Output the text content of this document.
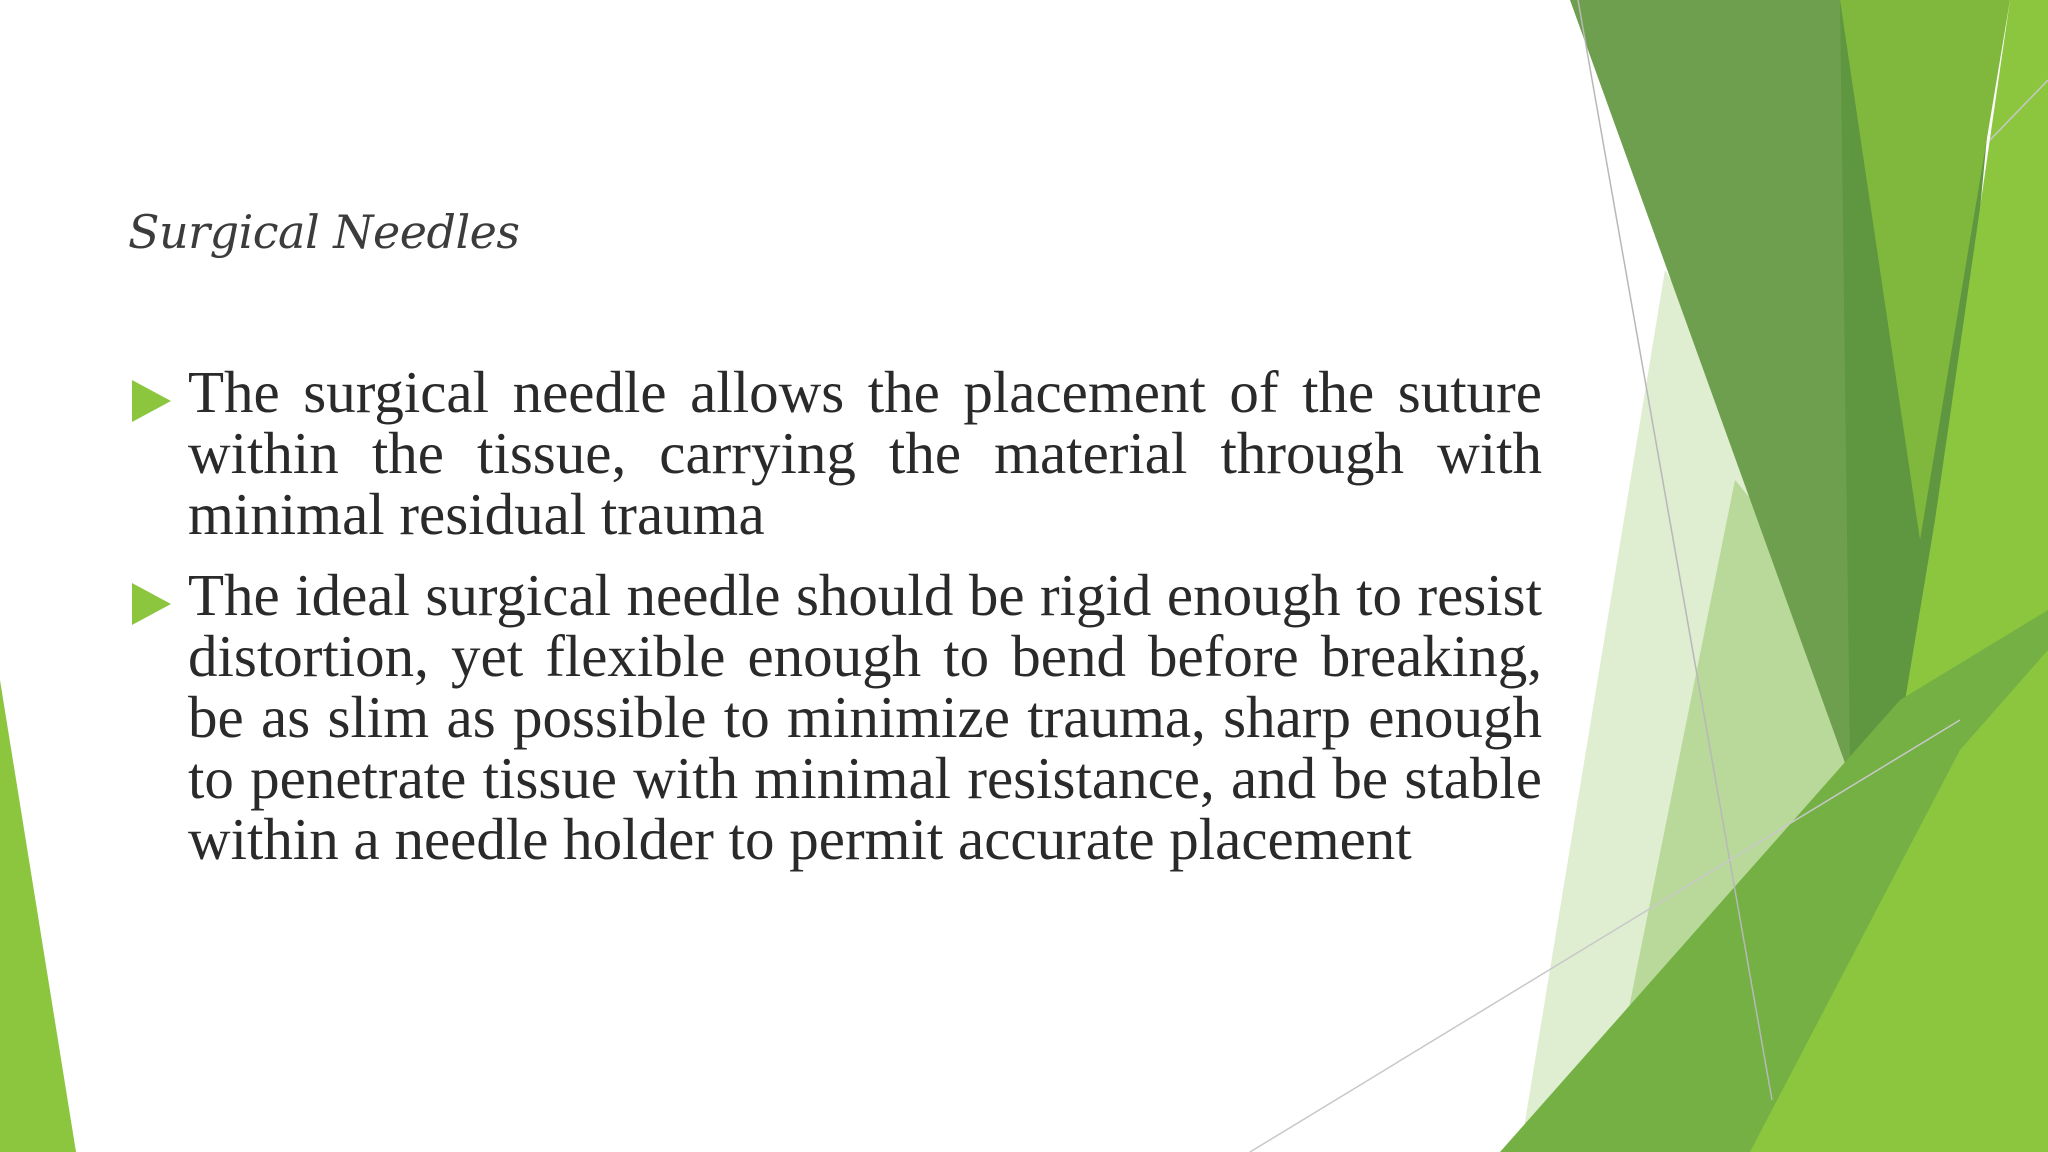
Surgical Needles

The surgical needle allows the placement of the suture within the tissue, carrying the material through with minimal residual trauma

The ideal surgical needle should be rigid enough to resist distortion, yet flexible enough to bend before breaking, be as slim as possible to minimize trauma, sharp enough to penetrate tissue with minimal resistance, and be stable within a needle holder to permit accurate placement
